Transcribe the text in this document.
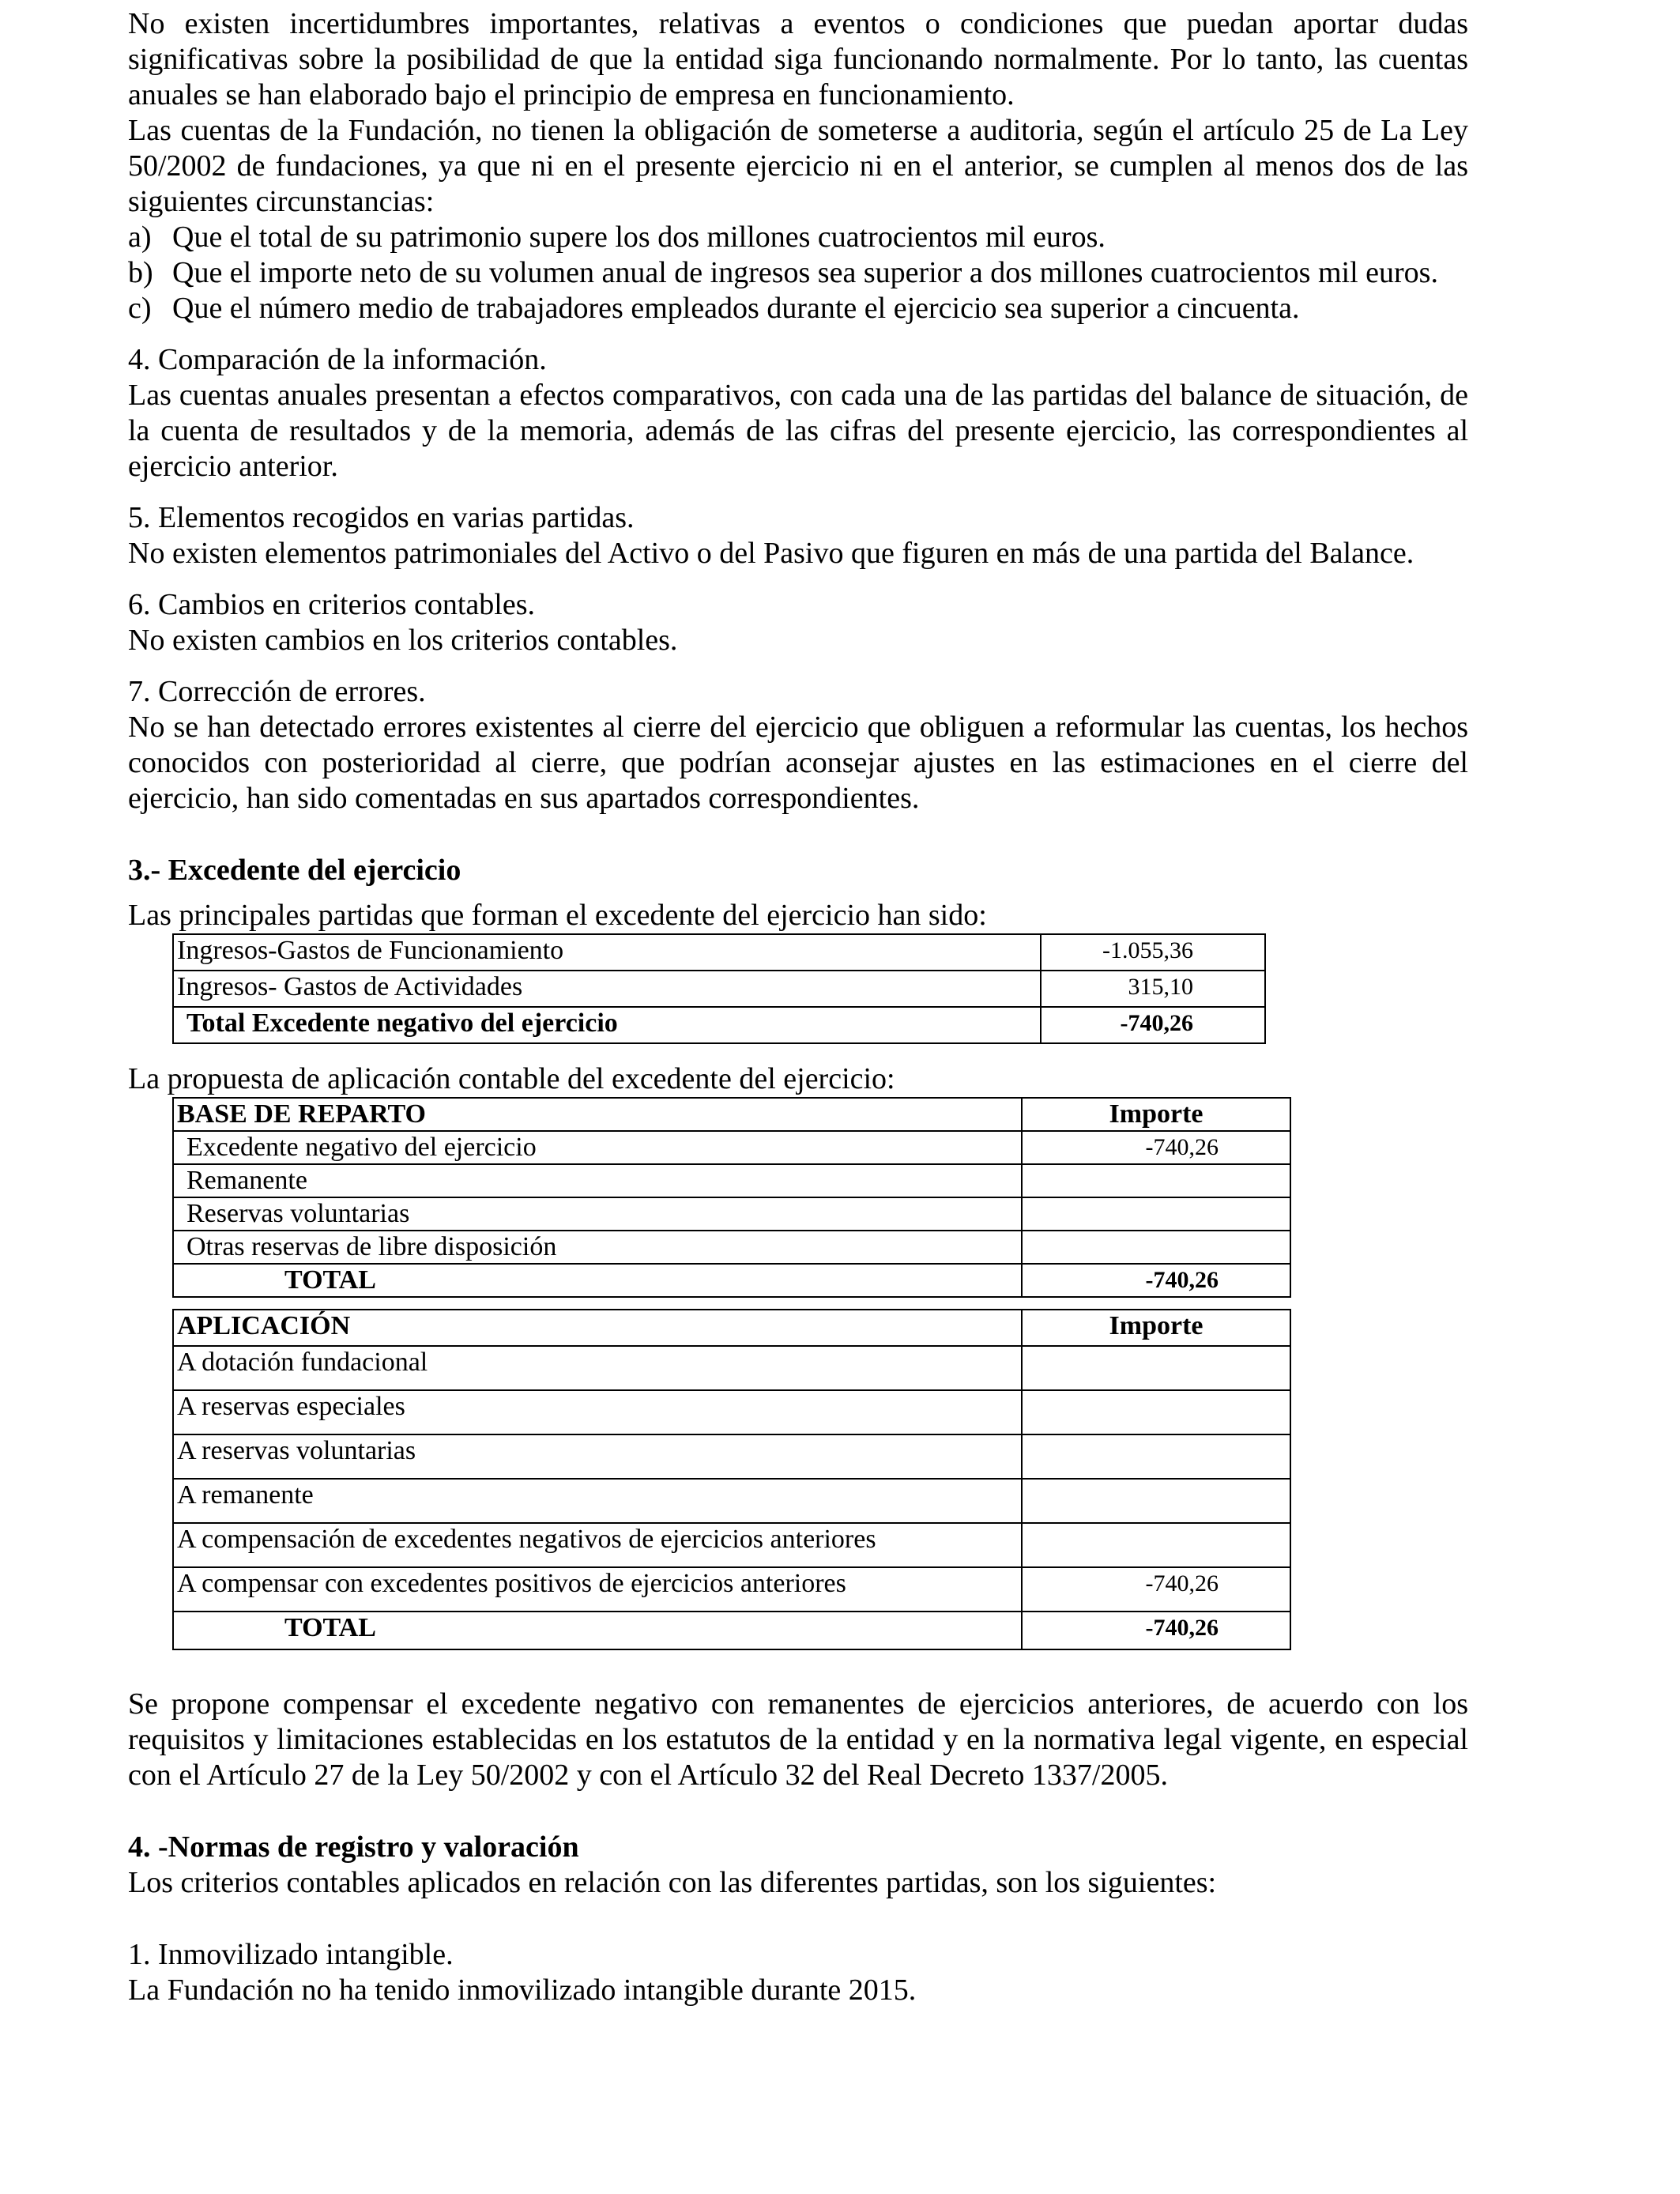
No existen incertidumbres importantes, relativas a eventos o condiciones que puedan aportar dudas significativas sobre la posibilidad de que la entidad siga funcionando normalmente. Por lo tanto, las cuentas anuales se han elaborado bajo el principio de empresa en funcionamiento.

Las cuentas de la Fundación, no tienen la obligación de someterse a auditoria, según el artículo 25 de La Ley 50/2002 de fundaciones, ya que ni en el presente ejercicio ni en el anterior, se cumplen al menos dos de las siguientes circunstancias:

a) Que el total de su patrimonio supere los dos millones cuatrocientos mil euros.
b) Que el importe neto de su volumen anual de ingresos sea superior a dos millones cuatrocientos mil euros.
c) Que el número medio de trabajadores empleados durante el ejercicio sea superior a cincuenta.

4. Comparación de la información.

Las cuentas anuales presentan a efectos comparativos, con cada una de las partidas del balance de situación, de la cuenta de resultados y de la memoria, además de las cifras del presente ejercicio, las correspondientes al ejercicio anterior.

5. Elementos recogidos en varias partidas.

No existen elementos patrimoniales del Activo o del Pasivo que figuren en más de una partida del Balance.

6. Cambios en criterios contables.

No existen cambios en los criterios contables.

7. Corrección de errores.

No se han detectado errores existentes al cierre del ejercicio que obliguen a reformular las cuentas, los hechos conocidos con posterioridad al cierre, que podrían aconsejar ajustes en las estimaciones en el cierre del ejercicio, han sido comentadas en sus apartados correspondientes.

3.- Excedente del ejercicio

Las principales partidas que forman el excedente del ejercicio han sido:

Ingresos-Gastos de Funcionamiento	-1.055,36
Ingresos- Gastos de Actividades	315,10
Total Excedente negativo del ejercicio	-740,26

La propuesta de aplicación contable del excedente del ejercicio:

BASE DE REPARTO	Importe
Excedente negativo del ejercicio	-740,26
Remanente	
Reservas voluntarias	
Otras reservas de libre disposición	
TOTAL	-740,26
APLICACIÓN	Importe
A dotación fundacional	
A reservas especiales	
A reservas voluntarias	
A remanente	
A compensación de excedentes negativos de ejercicios anteriores	
A compensar con excedentes positivos de ejercicios anteriores	-740,26
TOTAL	-740,26

Se propone compensar el excedente negativo con remanentes de ejercicios anteriores, de acuerdo con los requisitos y limitaciones establecidas en los estatutos de la entidad y en la normativa legal vigente, en especial con el Artículo 27 de la Ley 50/2002 y con el Artículo 32 del Real Decreto 1337/2005.

4. -Normas de registro y valoración

Los criterios contables aplicados en relación con las diferentes partidas, son los siguientes:

1. Inmovilizado intangible.

La Fundación no ha tenido inmovilizado intangible durante 2015.
